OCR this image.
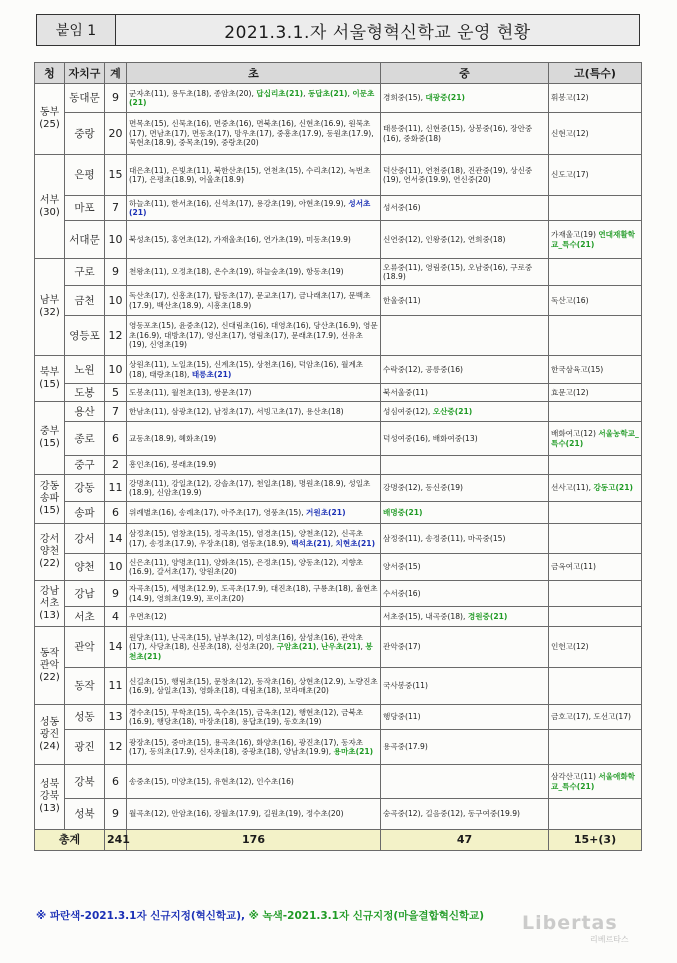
붙임 1	2021.3.1.자 서울형혁신학교 운영 현황
청	자치구	계	초	중	고(특수)
동부
(25)	동대문	9	군자초(11), 용두초(18), 종암초(20), 답십리초(21), 동답초(21), 이문초(21)	경희중(15), 대광중(21)	휘봉고(12)
	중랑	20	면목초(15), 신묵초(16), 면중초(16), 면북초(16), 신현초(16.9), 원묵초(17), 면남초(17), 면동초(17), 망우초(17), 중흥초(17.9), 동원초(17.9), 묵현초(18.9), 중목초(19), 중랑초(20)	태릉중(11), 신현중(15), 상봉중(16), 장안중(16), 중화중(18)	신현고(12)
서부
(30)	은평	15	대은초(11), 은빛초(11), 북한산초(15), 연천초(15), 수리초(12), 녹번초(17), 은평초(18.9), 어울초(18.9)	덕산중(11), 연천중(18), 진관중(19), 상신중(19), 연서중(19.9), 연신중(20)	신도고(17)
	마포	7	하늘초(11), 한서초(16), 신석초(17), 용강초(19), 아현초(19.9), 성서초(21)	성서중(16)	
	서대문	10	북성초(15), 홍연초(12), 가재울초(16), 연가초(19), 미동초(19.9)	신연중(12), 인왕중(12), 연희중(18)	가재울고(19) 연대재활학교_특수(21)
남부
(32)	구로	9	천왕초(11), 오정초(18), 온수초(19), 하늘숲초(19), 항동초(19)	오류중(11), 영림중(15), 오남중(16), 구로중(18.9)	
	금천	10	독산초(17), 신흥초(17), 탑동초(17), 문교초(17), 금나래초(17), 문백초(17.9), 백산초(18.9), 시흥초(18.9)	한울중(11)	독산고(16)
	영등포	12	영동포초(15), 윤중초(12), 신대림초(16), 대영초(16), 당산초(16.9), 영문초(16.9), 대방초(17), 영신초(17), 영림초(17), 문래초(17.9), 선유초(19), 신영초(19)		
북부
(15)	노원	10	상원초(11), 노일초(15), 신계초(15), 상천초(16), 덕암초(16), 월계초(18), 태랑초(18), 태릉초(21)	수락중(12), 공릉중(16)	한국삼육고(15)
	도봉	5	도봉초(11), 월천초(13), 쌍문초(17)	북서울중(11)	효문고(12)
중부
(15)	용산	7	한남초(11), 삼광초(12), 남정초(17), 서빙고초(17), 용산초(18)	성심여중(12), 오산중(21)	
	종로	6	교동초(18.9), 혜화초(19)	덕성여중(16), 배화여중(13)	배화여고(12) 서울농학교_특수(21)
	중구	2	흥인초(16), 봉래초(19.9)		
강동
송파
(15)	강동	11	강명초(11), 강일초(12), 강솔초(17), 천일초(18), 명원초(18.9), 성일초(18.9), 신암초(19.9)	강명중(12), 동신중(19)	선사고(11), 강동고(21)
	송파	6	위례별초(16), 송례초(17), 아주초(17), 영풍초(15), 거원초(21)	배명중(21)	
강서
양천
(22)	강서	14	삼정초(15), 염창초(15), 정곡초(15), 염경초(15), 양천초(12), 신곡초(17), 송정초(17.9), 우장초(18), 염동초(18.9), 백석초(21), 치현초(21)	삼정중(11), 송정중(11), 마곡중(15)	
	양천	10	신은초(11), 양명초(11), 양화초(15), 은정초(15), 양동초(12), 지향초(16.9), 갈서초(17), 양원초(20)	양서중(15)	금옥여고(11)
강남
서초
(13)	강남	9	자곡초(15), 세명초(12.9), 도곡초(17.9), 대진초(18), 구룡초(18), 율현초(14.9), 영희초(19.9), 포이초(20)	수서중(16)	
	서초	4	우면초(12)	서초중(15), 내곡중(18), 경원중(21)	
동작
관악
(22)	관악	14	원당초(11), 난곡초(15), 남부초(12), 미성초(16), 삼성초(16), 관악초(17), 사당초(18), 신봉초(18), 신성초(20), 구암초(21), 난우초(21), 봉천초(21)	관악중(17)	인헌고(12)
	동작	11	신길초(15), 행림초(15), 문창초(12), 동작초(16), 상현초(12.9), 노량진초(16.9), 삼일초(13), 영화초(18), 대림초(18), 보라매초(20)	국사봉중(11)	
성동
광진
(24)	성동	13	경수초(15), 무학초(15), 옥수초(15), 금옥초(12), 행현초(12), 금북초(16.9), 행당초(18), 마장초(18), 용답초(19), 동호초(19)	행당중(11)	금호고(17), 도선고(17)
	광진	12	광장초(15), 중마초(15), 용곡초(16), 화양초(16), 광진초(17), 동자초(17), 동의초(17.9), 신자초(18), 중광초(18), 양남초(19.9), 용마초(21)	용곡중(17.9)	
성북
강북
(13)	강북	6	송중초(15), 미양초(15), 유현초(12), 인수초(16)		삼각산고(11) 서울애화학교_특수(21)
	성북	9	월곡초(12), 안암초(16), 장월초(17.9), 길원초(19), 정수초(20)	숭곡중(12), 길음중(12), 동구여중(19.9)	
총계		241	176	47	15+(3)
※ 파란색-2021.3.1자 신규지정(혁신학교), ※ 녹색-2021.3.1자 신규지정(마을결합혁신학교) Libertas
리베르타스
